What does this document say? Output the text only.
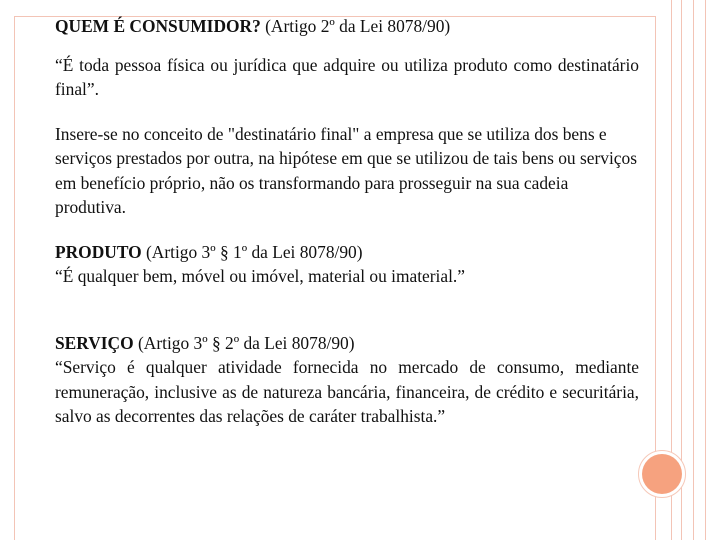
QUEM É CONSUMIDOR? (Artigo 2º da Lei 8078/90)

“É toda pessoa física ou jurídica que adquire ou utiliza produto como destinatário final”.

Insere-se no conceito de "destinatário final" a empresa que se utiliza dos bens e serviços prestados por outra, na hipótese em que se utilizou de tais bens ou serviços em benefício próprio, não os transformando para prosseguir na sua cadeia produtiva.

PRODUTO (Artigo 3º § 1º da Lei 8078/90)

“É qualquer bem, móvel ou imóvel, material ou imaterial.”

SERVIÇO (Artigo 3º § 2º da Lei 8078/90)

“Serviço é qualquer atividade fornecida no mercado de consumo, mediante remuneração, inclusive as de natureza bancária, financeira, de crédito e securitária, salvo as decorrentes das relações de caráter trabalhista.”
